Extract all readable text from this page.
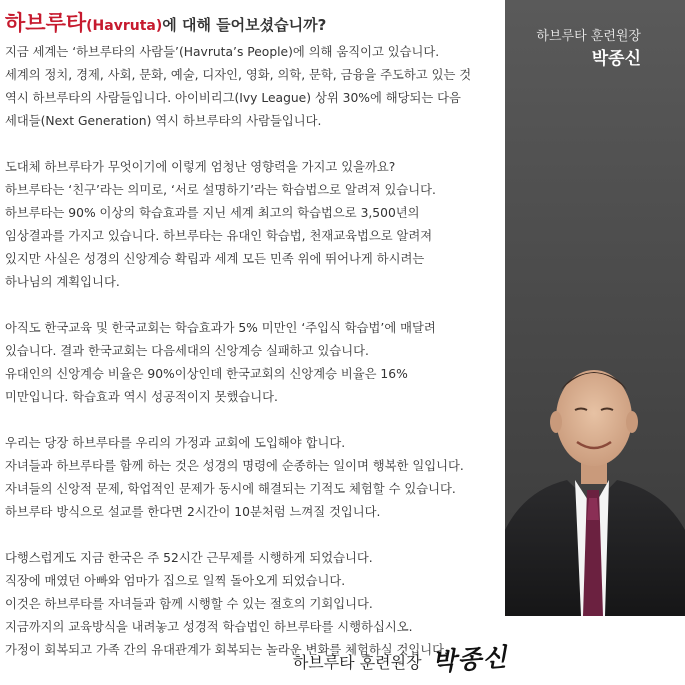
하브루타(Havruta)에 대해 들어보셨습니까?
지금 세계는 ‘하브루타의 사람들’(Havruta’s People)에 의해 움직이고 있습니다.
세계의 정치, 경제, 사회, 문화, 예술, 디자인, 영화, 의학, 문학, 금융을 주도하고 있는 것
역시 하브루타의 사람들입니다. 아이비리그(Ivy League) 상위 30%에 해당되는 다음
세대들(Next Generation) 역시 하브루타의 사람들입니다.
도대체 하브루타가 무엇이기에 이렇게 엄청난 영향력을 가지고 있을까요?
하브루타는 ‘친구’라는 의미로, ‘서로 설명하기’라는 학습법으로 알려져 있습니다.
하브루타는 90% 이상의 학습효과를 지닌 세계 최고의 학습법으로 3,500년의
임상결과를 가지고 있습니다. 하브루타는 유대인 학습법, 천재교육법으로 알려져
있지만 사실은 성경의 신앙계승 확립과 세계 모든 민족 위에 뛰어나게 하시려는
하나님의 계획입니다.
아직도 한국교육 및 한국교회는 학습효과가 5% 미만인 ‘주입식 학습법’에 매달려
있습니다. 결과 한국교회는 다음세대의 신앙계승 실패하고 있습니다.
유대인의 신앙계승 비율은 90%이상인데 한국교회의 신앙계승 비율은 16%
미만입니다. 학습효과 역시 성공적이지 못했습니다.
우리는 당장 하브루타를 우리의 가정과 교회에 도입해야 합니다.
자녀들과 하브루타를 함께 하는 것은 성경의 명령에 순종하는 일이며 행복한 일입니다.
자녀들의 신앙적 문제, 학업적인 문제가 동시에 해결되는 기적도 체험할 수 있습니다.
하브루타 방식으로 설교를 한다면 2시간이 10분처럼 느껴질 것입니다.
다행스럽게도 지금 한국은 주 52시간 근무제를 시행하게 되었습니다.
직장에 매였던 아빠와 엄마가 집으로 일찍 돌아오게 되었습니다.
이것은 하브루타를 자녀들과 함께 시행할 수 있는 절호의 기회입니다.
지금까지의 교육방식을 내려놓고 성경적 학습법인 하브루타를 시행하십시오.
가정이 회복되고 가족 간의 유대관계가 회복되는 놀라운 변화를 체험하실 것입니다.
하브루타 훈련원장
박종신
하브루타 훈련원장 박종신
